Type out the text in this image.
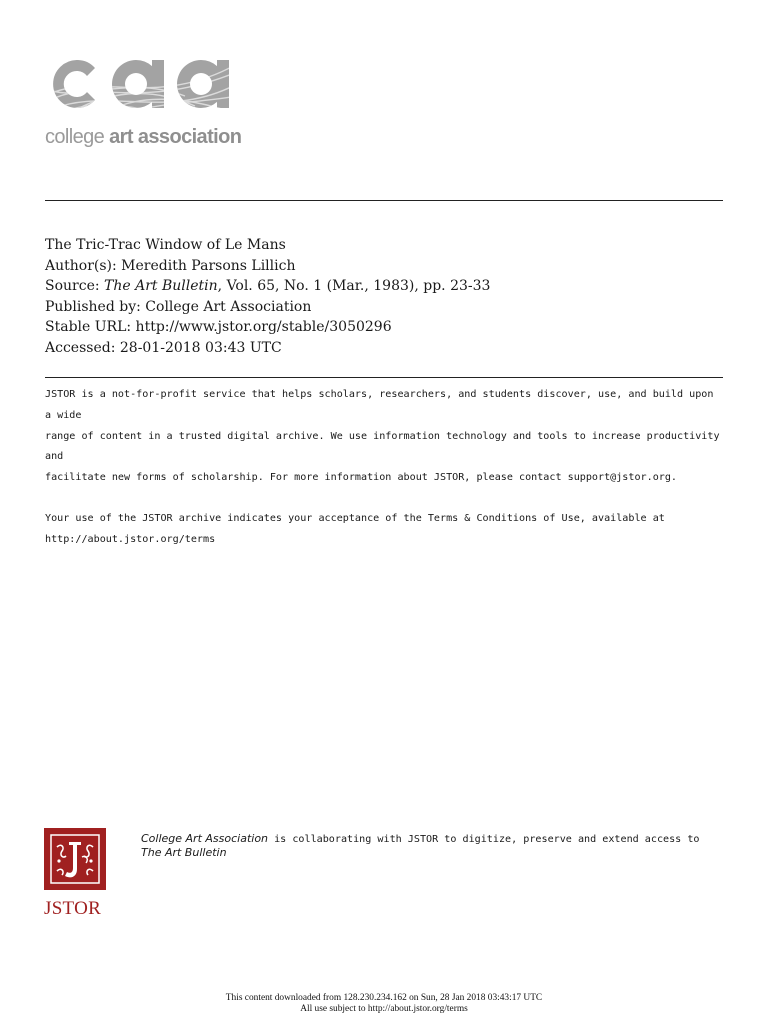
college art association
The Tric-Trac Window of Le Mans
Author(s): Meredith Parsons Lillich
Source: The Art Bulletin, Vol. 65, No. 1 (Mar., 1983), pp. 23-33
Published by: College Art Association
Stable URL: http://www.jstor.org/stable/3050296
Accessed: 28-01-2018 03:43 UTC

JSTOR is a not-for-profit service that helps scholars, researchers, and students discover, use, and build upon a wide
range of content in a trusted digital archive. We use information technology and tools to increase productivity and
facilitate new forms of scholarship. For more information about JSTOR, please contact support@jstor.org.

Your use of the JSTOR archive indicates your acceptance of the Terms & Conditions of Use, available at
http://about.jstor.org/terms

JSTOR
College Art Association is collaborating with JSTOR to digitize, preserve and extend access to
The Art Bulletin
This content downloaded from 128.230.234.162 on Sun, 28 Jan 2018 03:43:17 UTC
All use subject to http://about.jstor.org/terms
